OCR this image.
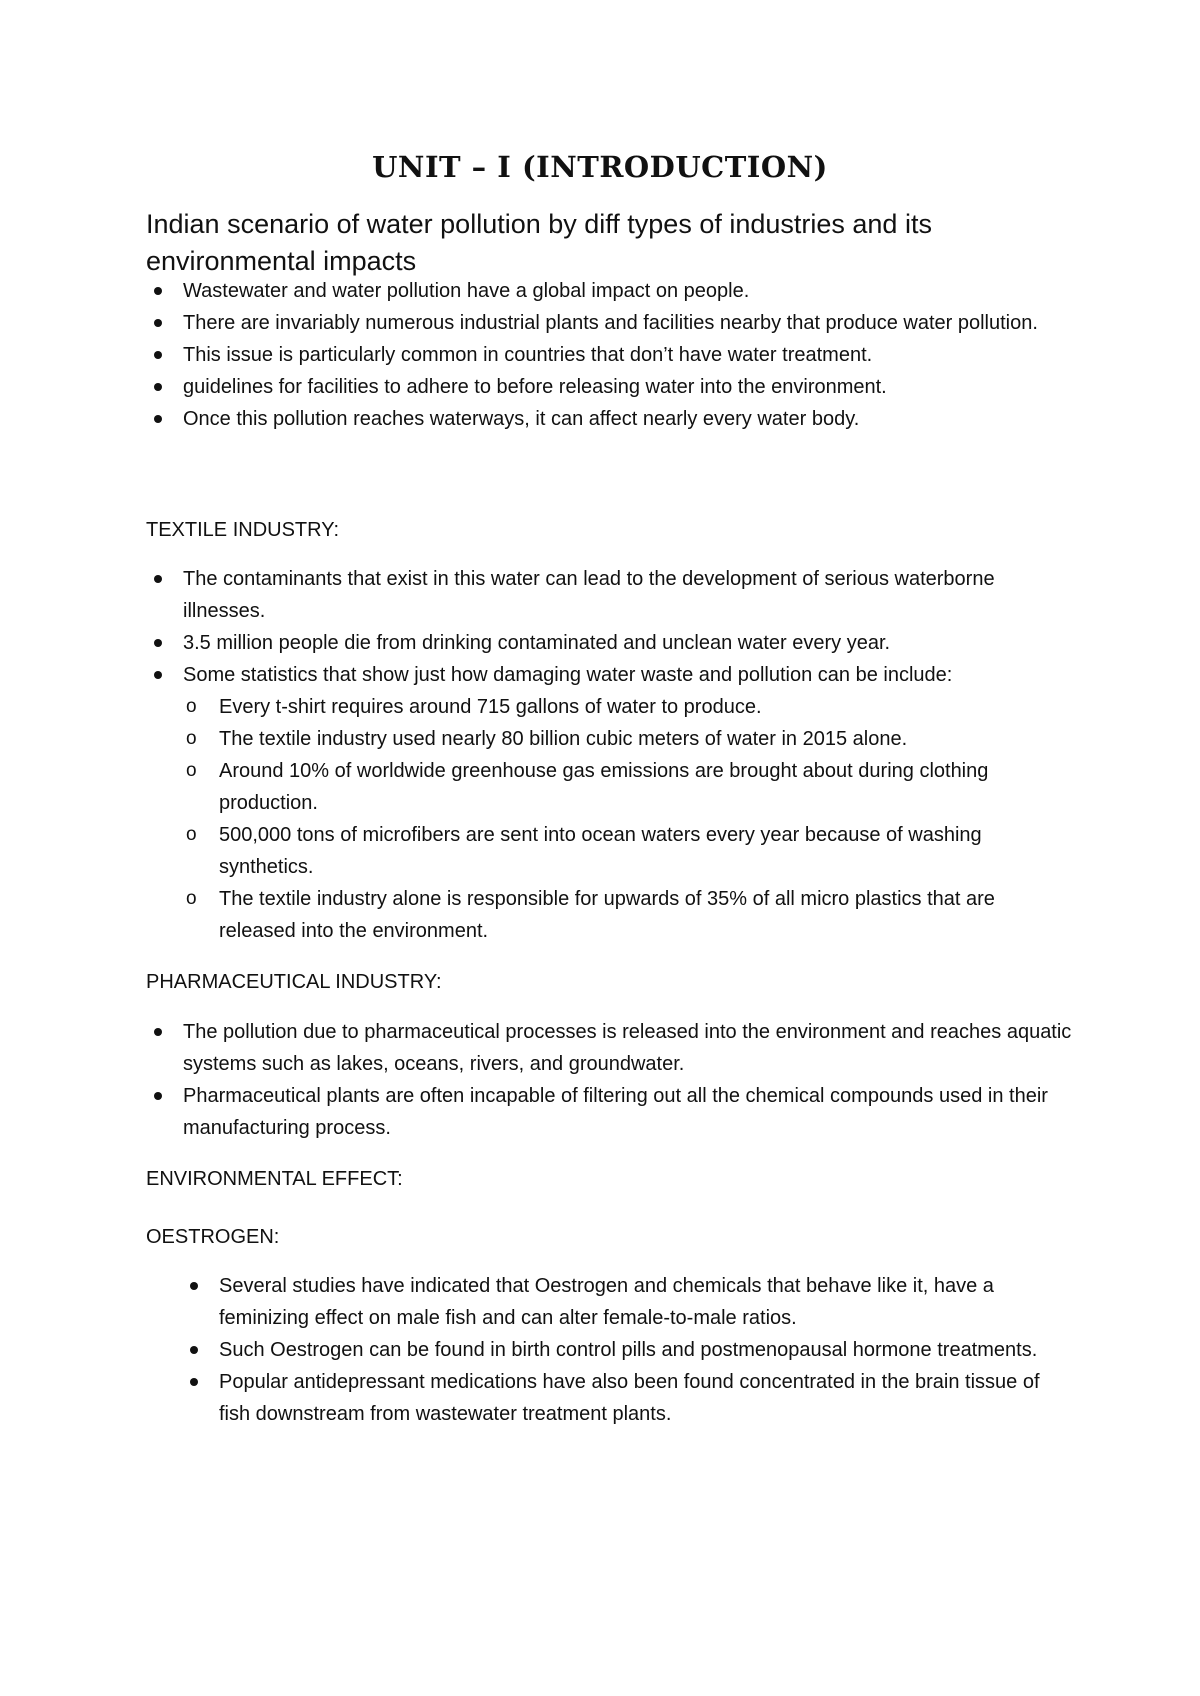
UNIT – I (INTRODUCTION)
Indian scenario of water pollution by diff types of industries and its environmental impacts
Wastewater and water pollution have a global impact on people.
There are invariably numerous industrial plants and facilities nearby that produce water pollution.
This issue is particularly common in countries that don’t have water treatment.
guidelines for facilities to adhere to before releasing water into the environment.
Once this pollution reaches waterways, it can affect nearly every water body.

TEXTILE INDUSTRY:

The contaminants that exist in this water can lead to the development of serious waterborne illnesses.
3.5 million people die from drinking contaminated and unclean water every year.
Some statistics that show just how damaging water waste and pollution can be include:
o Every t-shirt requires around 715 gallons of water to produce.
o The textile industry used nearly 80 billion cubic meters of water in 2015 alone.
o Around 10% of worldwide greenhouse gas emissions are brought about during clothing production.
o 500,000 tons of microfibers are sent into ocean waters every year because of washing synthetics.
o The textile industry alone is responsible for upwards of 35% of all micro plastics that are released into the environment.

PHARMACEUTICAL INDUSTRY:

The pollution due to pharmaceutical processes is released into the environment and reaches aquatic systems such as lakes, oceans, rivers, and groundwater.
Pharmaceutical plants are often incapable of filtering out all the chemical compounds used in their manufacturing process.

ENVIRONMENTAL EFFECT:

OESTROGEN:

Several studies have indicated that Oestrogen and chemicals that behave like it, have a feminizing effect on male fish and can alter female-to-male ratios.
Such Oestrogen can be found in birth control pills and postmenopausal hormone treatments.
Popular antidepressant medications have also been found concentrated in the brain tissue of fish downstream from wastewater treatment plants.
